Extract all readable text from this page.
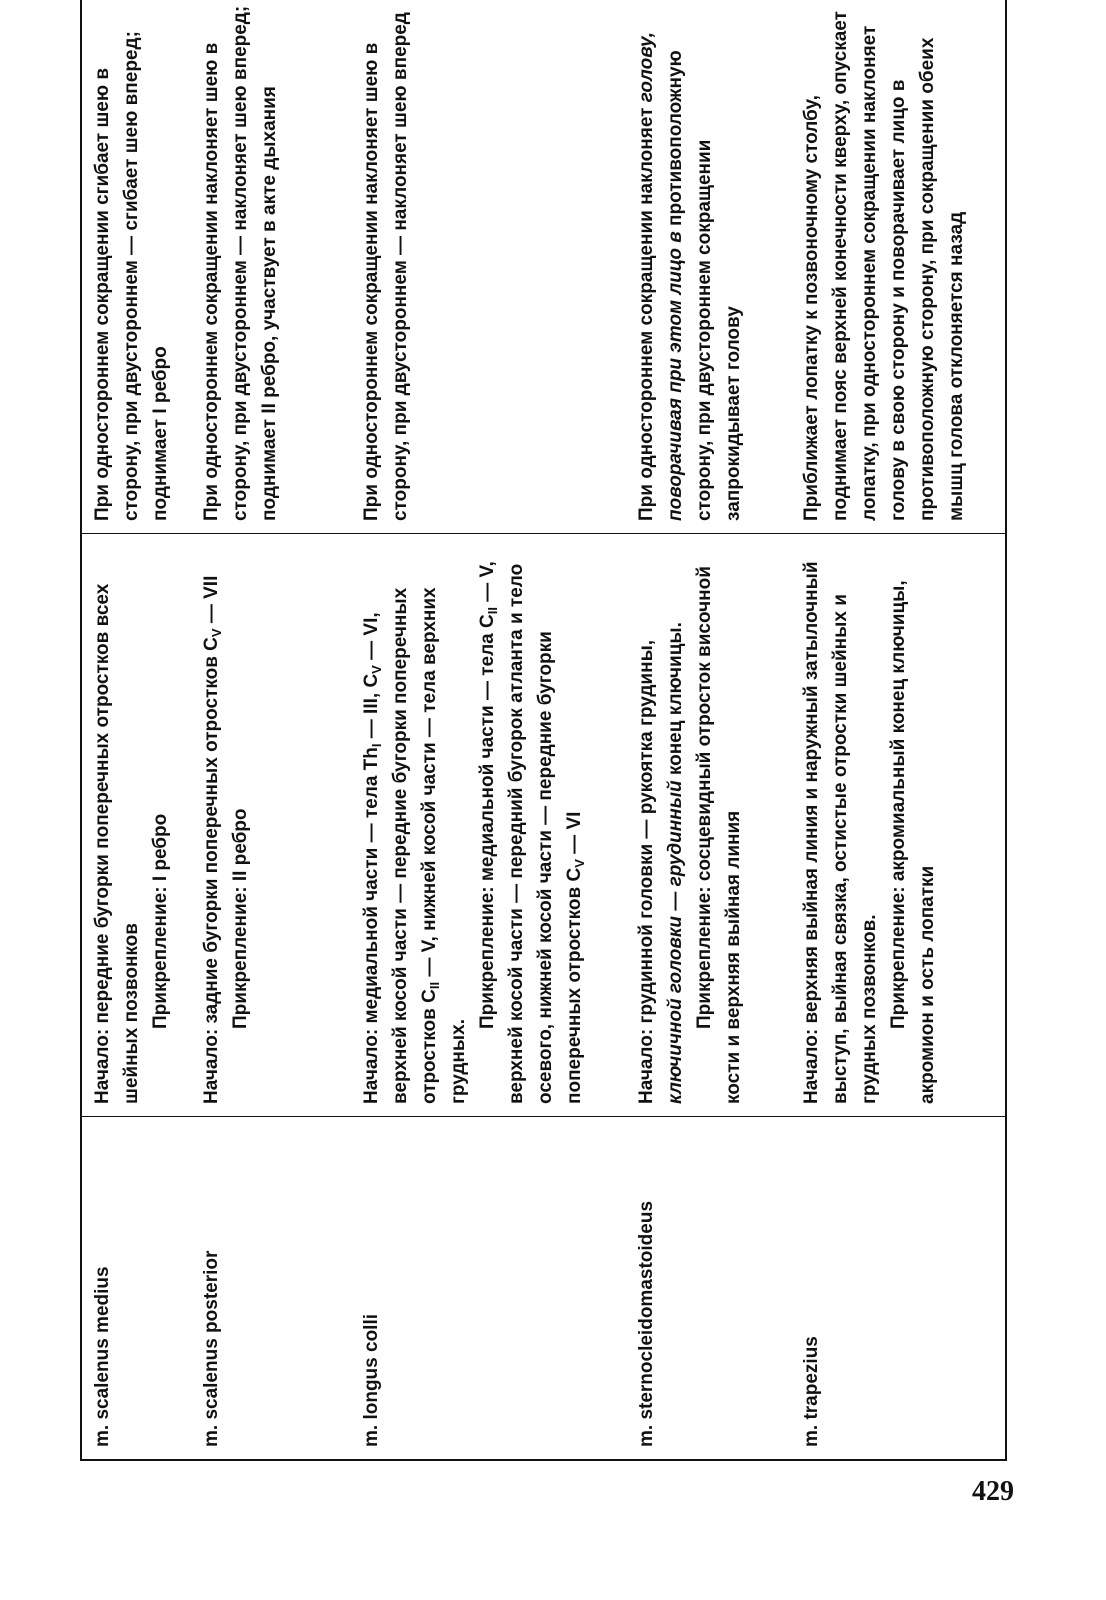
m. scalenus medius	Начало: передние бугорки поперечных отростков всех шейных позвонков Прикрепление: I ребро	При одностороннем сокращении сгибает шею в сторону, при двустороннем — сгибает шею вперед; поднимает I ребро

m. scalenus posterior	Начало: задние бугорки поперечных отростков $C_V$ — VII
Прикрепление: II ребро	При одностороннем сокращении наклоняет шею в сторону, при двустороннем — наклоняет шею вперед; поднимает II ребро, участвует в акте дыхания

m. longus colli	Начало: медиальной части — тела $Th_I$ — III, $C_V$ — VI, верхней косой части — передние бугорки поперечных отростков $C_{II}$ — V, нижней косой части — тела верхних грудных.
Прикрепление: медиальной части — тела $C_{II}$ — V, верхней косой части — передний бугорок атланта и тело осевого, нижней косой части — передние бугорки поперечных отростков $C_V$ — VI	При одностороннем сокращении наклоняет шею в сторону, при двустороннем — наклоняет шею вперед

m. sternocleidomastoideus	Начало: грудинной головки — рукоятка грудины, ключичной головки — грудинный конец ключицы. Прикрепление: сосцевидный отросток височной кости и верхняя выйная линия	При одностороннем сокращении наклоняет голову, поворачивая при этом лицо в противоположную сторону, при двустороннем сокращении запрокидывает голову

m. trapezius	Начало: верхняя выйная линия и наружный затылочный выступ, выйная связка, остистые отростки шейных и грудных позвонков. Прикрепление: акромиальный конец ключицы, акромион и ость лопатки	Приближает лопатку к позвоночному столбу, поднимает пояс верхней конечности кверху, опускает лопатку, при одностороннем сокращении наклоняет голову в свою сторону и поворачивает лицо в противоположную сторону, при сокращении обеих мышц голова отклоняется назад
429
